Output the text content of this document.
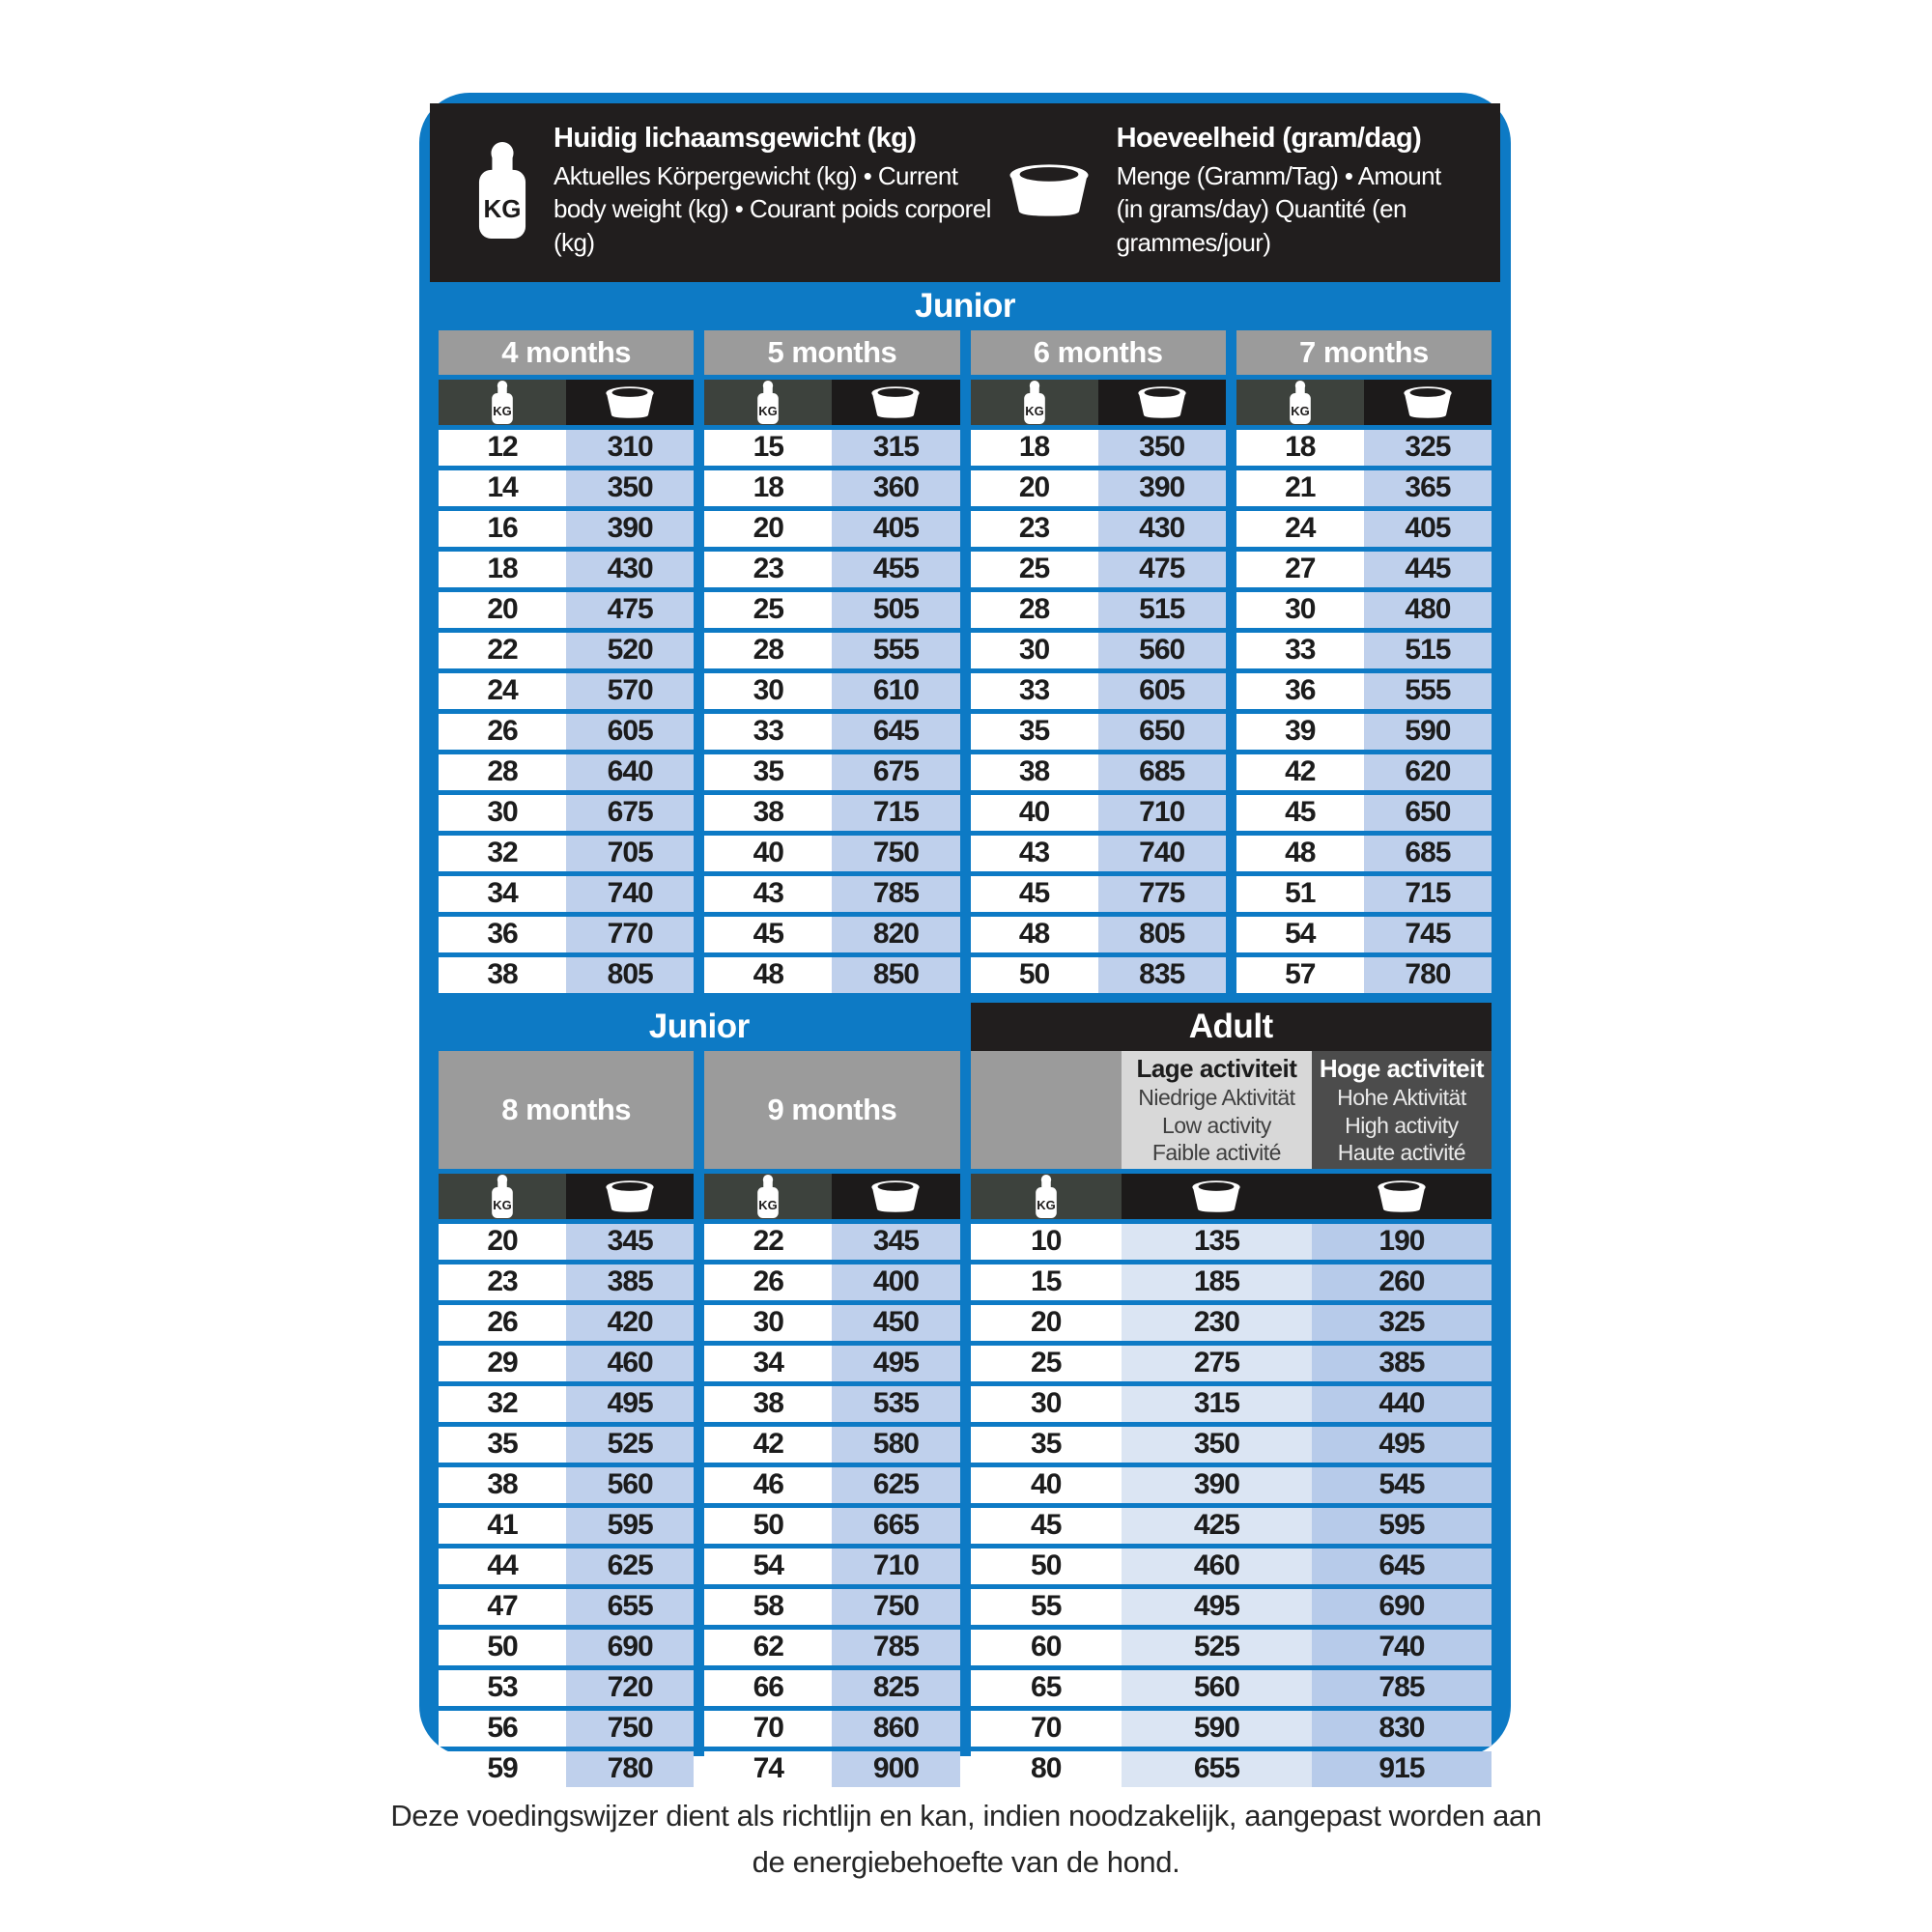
KG
Huidig lichaamsgewicht (kg)
Aktuelles Körpergewicht (kg) • Current body weight (kg) • Courant poids corporel (kg)
Hoeveelheid (gram/dag)
Menge (Gramm/Tag) • Amount (in grams/day) Quantité (en grammes/jour)
Junior
4 months
KG
12	310
14	350
16	390
18	430
20	475
22	520
24	570
26	605
28	640
30	675
32	705
34	740
36	770
38	805
5 months
KG
15	315
18	360
20	405
23	455
25	505
28	555
30	610
33	645
35	675
38	715
40	750
43	785
45	820
48	850
6 months
KG
18	350
20	390
23	430
25	475
28	515
30	560
33	605
35	650
38	685
40	710
43	740
45	775
48	805
50	835
7 months
KG
18	325
21	365
24	405
27	445
30	480
33	515
36	555
39	590
42	620
45	650
48	685
51	715
54	745
57	780
Junior
8 months
KG
20	345
23	385
26	420
29	460
32	495
35	525
38	560
41	595
44	625
47	655
50	690
53	720
56	750
59	780
9 months
KG
22	345
26	400
30	450
34	495
38	535
42	580
46	625
50	665
54	710
58	750
62	785
66	825
70	860
74	900
Adult
Lage activiteit
Niedrige Aktivität
Low activity
Faible activité
Hoge activiteit
Hohe Aktivität
High activity
Haute activité
KG
10	135	190
15	185	260
20	230	325
25	275	385
30	315	440
35	350	495
40	390	545
45	425	595
50	460	645
55	495	690
60	525	740
65	560	785
70	590	830
80	655	915
Deze voedingswijzer dient als richtlijn en kan, indien noodzakelijk, aangepast worden aan de energiebehoefte van de hond.
